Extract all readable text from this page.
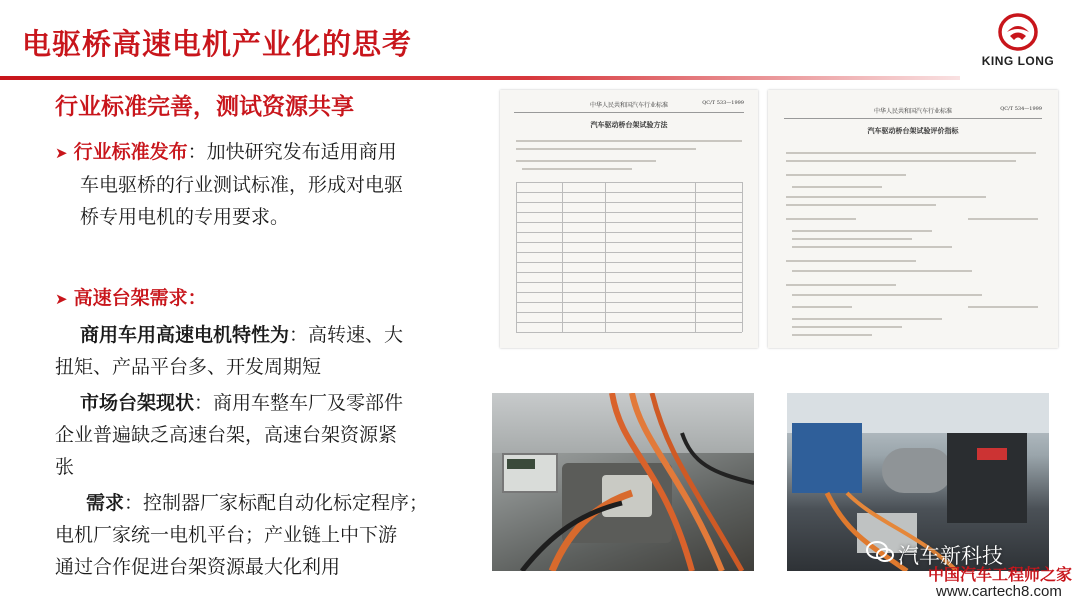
电驱桥高速电机产业化的思考	KING LONG
行业标准完善，测试资源共享
➤ 行业标准发布：加快研究发布适用商用
车电驱桥的行业测试标准，形成对电驱
桥专用电机的专用要求。
➤ 高速台架需求：
商用车用高速电机特性为：高转速、大
扭矩、产品平台多、开发周期短
市场台架现状：商用车整车厂及零部件
企业普遍缺乏高速台架，高速台架资源紧
张
需求：控制器厂家标配自动化标定程序；
电机厂家统一电机平台；产业链上中下游
通过合作促进台架资源最大化利用
中华人民共和国汽车行业标准	QC/T 533—1999
汽车驱动桥台架试验方法
中华人民共和国汽车行业标准	QC/T 534—1999
汽车驱动桥台架试验评价指标
汽车新科技
中国汽车工程师之家
www.cartech8.com
